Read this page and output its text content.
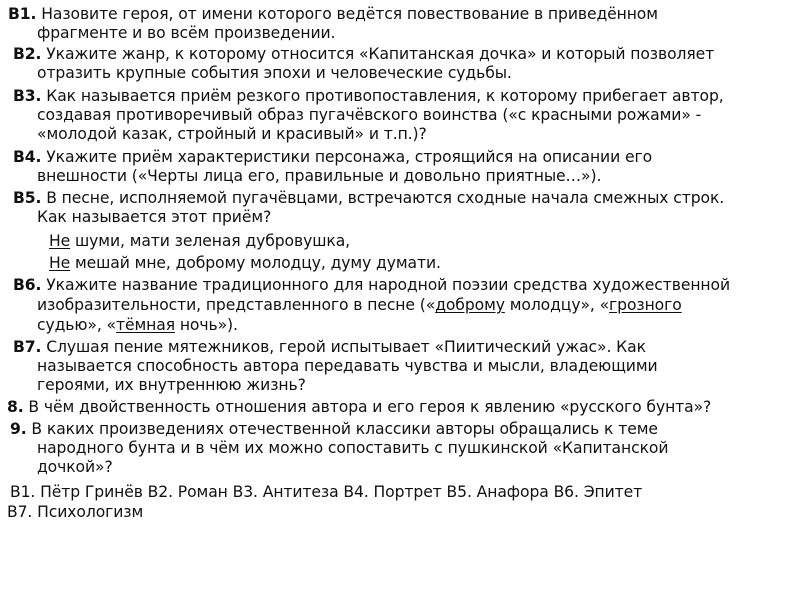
В1. Назовите героя, от имени которого ведётся повествование в приведённом
фрагменте и во всём произведении.
В2. Укажите жанр, к которому относится «Капитанская дочка» и который позволяет
отразить крупные события эпохи и человеческие судьбы.
В3. Как называется приём резкого противопоставления, к которому прибегает автор,
создавая противоречивый образ пугачёвского воинства («с красными рожами» -
«молодой казак, стройный и красивый» и т.п.)?
В4. Укажите приём характеристики персонажа, строящийся на описании его
внешности («Черты лица его, правильные и довольно приятные…»).
В5. В песне, исполняемой пугачёвцами, встречаются сходные начала смежных строк.
Как называется этот приём?
Не шуми, мати зеленая дубровушка,
Не мешай мне, доброму молодцу, думу думати.
В6. Укажите название традиционного для народной поэзии средства художественной
изобразительности, представленного в песне («доброму молодцу», «грозного
судью», «тёмная ночь»).
В7. Слушая пение мятежников, герой испытывает «Пиитический ужас». Как
называется способность автора передавать чувства и мысли, владеющими
героями, их внутреннюю жизнь?
8. В чём двойственность отношения автора и его героя к явлению «русского бунта»?
9. В каких произведениях отечественной классики авторы обращались к теме
народного бунта и в чём их можно сопоставить с пушкинской «Капитанской
дочкой»?
В1. Пётр Гринёв В2. Роман В3. Антитеза В4. Портрет В5. Анафора В6. Эпитет
В7. Психологизм
